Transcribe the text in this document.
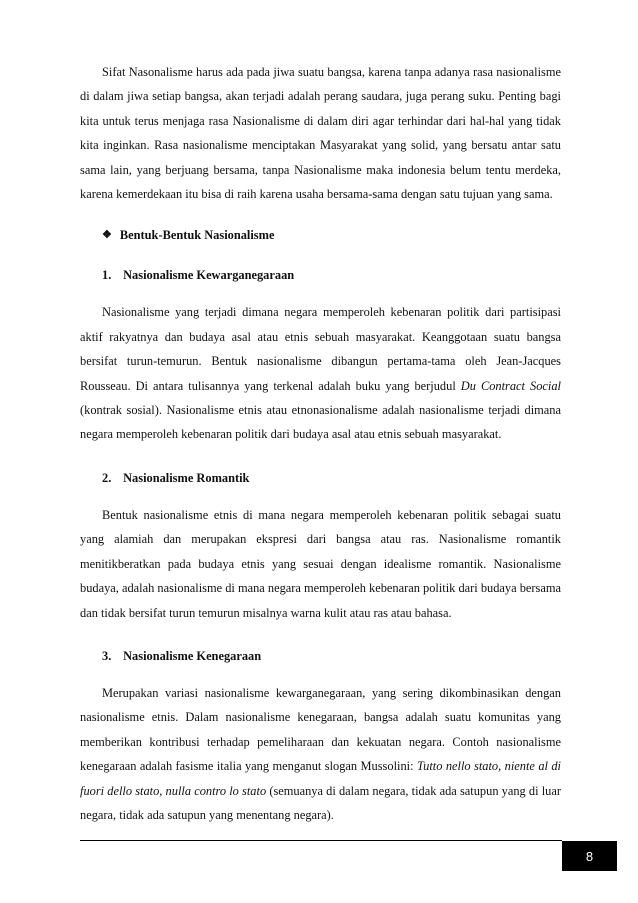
Sifat Nasonalisme harus ada pada jiwa suatu bangsa, karena tanpa adanya rasa nasionalisme di dalam jiwa setiap bangsa, akan terjadi adalah perang saudara, juga perang suku. Penting bagi kita untuk terus menjaga rasa Nasionalisme di dalam diri agar terhindar dari hal-hal yang tidak kita inginkan. Rasa nasionalisme menciptakan Masyarakat yang solid, yang bersatu antar satu sama lain, yang berjuang bersama, tanpa Nasionalisme maka indonesia belum tentu merdeka, karena kemerdekaan itu bisa di raih karena usaha bersama-sama dengan satu tujuan yang sama.

❖ Bentuk-Bentuk Nasionalisme
1. Nasionalisme Kewarganegaraan

Nasionalisme yang terjadi dimana negara memperoleh kebenaran politik dari partisipasi aktif rakyatnya dan budaya asal atau etnis sebuah masyarakat. Keanggotaan suatu bangsa bersifat turun-temurun. Bentuk nasionalisme dibangun pertama-tama oleh Jean-Jacques Rousseau. Di antara tulisannya yang terkenal adalah buku yang berjudul Du Contract Social (kontrak sosial). Nasionalisme etnis atau etnonasionalisme adalah nasionalisme terjadi dimana negara memperoleh kebenaran politik dari budaya asal atau etnis sebuah masyarakat.

2. Nasionalisme Romantik

Bentuk nasionalisme etnis di mana negara memperoleh kebenaran politik sebagai suatu yang alamiah dan merupakan ekspresi dari bangsa atau ras. Nasionalisme romantik menitikberatkan pada budaya etnis yang sesuai dengan idealisme romantik. Nasionalisme budaya, adalah nasionalisme di mana negara memperoleh kebenaran politik dari budaya bersama dan tidak bersifat turun temurun misalnya warna kulit atau ras atau bahasa.

3. Nasionalisme Kenegaraan

Merupakan variasi nasionalisme kewarganegaraan, yang sering dikombinasikan dengan nasionalisme etnis. Dalam nasionalisme kenegaraan, bangsa adalah suatu komunitas yang memberikan kontribusi terhadap pemeliharaan dan kekuatan negara. Contoh nasionalisme kenegaraan adalah fasisme italia yang menganut slogan Mussolini: Tutto nello stato, niente al di fuori dello stato, nulla contro lo stato (semuanya di dalam negara, tidak ada satupun yang di luar negara, tidak ada satupun yang menentang negara).

8
